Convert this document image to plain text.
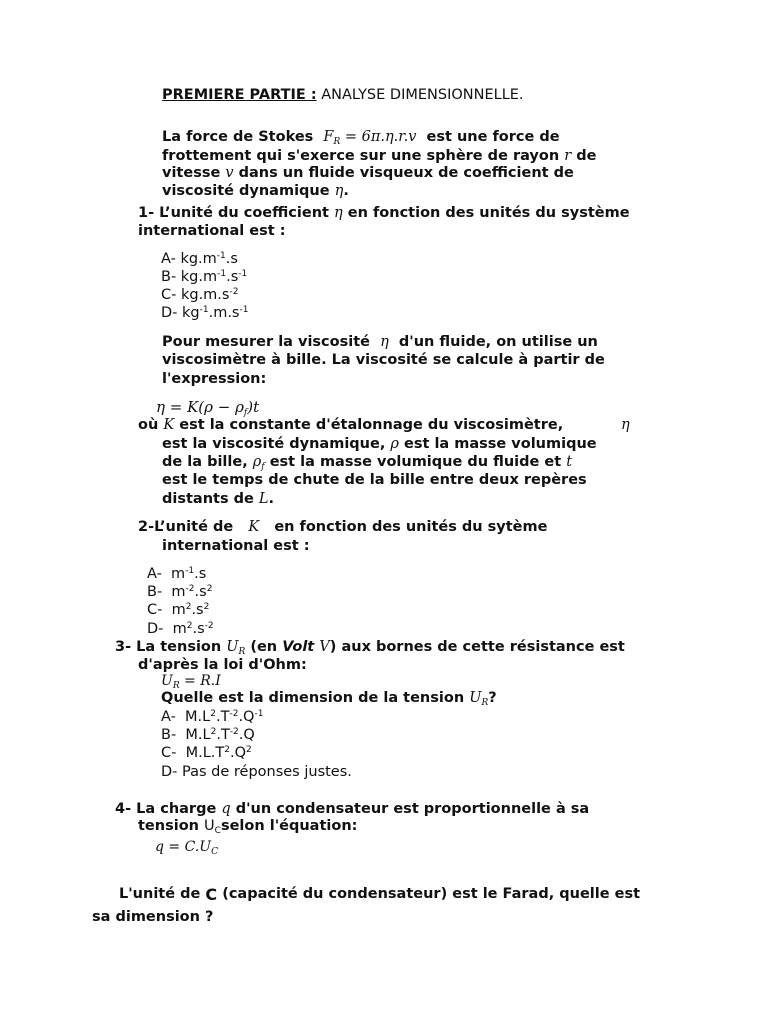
PREMIERE PARTIE : ANALYSE DIMENSIONNELLE.
La force de Stokes $F_R = 6\pi.\eta.r.v$ est une force de
frottement qui s'exerce sur une sphère de rayon r de
vitesse v dans un fluide visqueux de coefficient de
viscosité dynamique η.
1- L’unité du coefficient η en fonction des unités du système
international est :
A- $kg.m^{-1}.s$
B- $kg.m^{-1}.s^{-1}$
C- $kg.m.s^{-2}$
D- $kg^{-1}.m.s^{-1}$
Pour mesurer la viscosité η d'un fluide, on utilise un
viscosimètre à bille. La viscosité se calcule à partir de
l'expression:
$\eta = K(\rho - \rho_f)t$
où K est la constante d'étalonnage du viscosimètre,	η
est la viscosité dynamique, ρ est la masse volumique
de la bille, $\rho_f$ est la masse volumique du fluide et t
est le temps de chute de la bille entre deux repères
distants de L.
2-L’unité de K en fonction des unités du sytème
international est :
A-  $m^{-1}.s$
B-  $m^{-2}.s^2$
C-  $m^2.s^2$
D-  $m^2.s^{-2}$
3- La tension $U_R$ (en Volt V) aux bornes de cette résistance est
d'après la loi d'Ohm:
$U_R = R.I$
Quelle est la dimension de la tension $U_R$?
A-  $M.L^2.T^{-2}.Q^{-1}$
B-  $M.L^2.T^{-2}.Q$
C-  $M.L.T^2.Q^2$
D- Pas de réponses justes.
4- La charge q d'un condensateur est proportionnelle à sa
tension $U_Cselon$ l'équation:
$q = C.U_C$
L'unité de C (capacité du condensateur) est le Farad, quelle est
sa dimension ?
